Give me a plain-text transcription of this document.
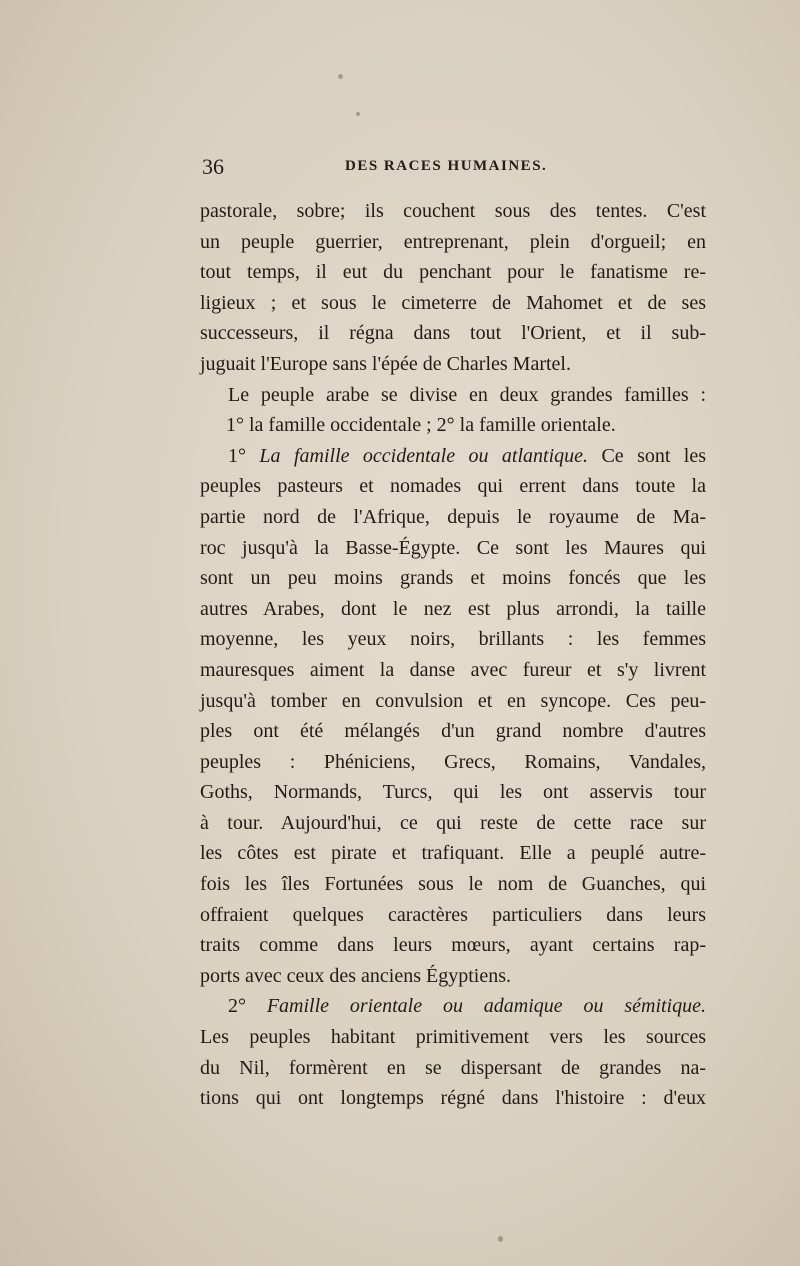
36	DES RACES HUMAINES.
pastorale, sobre; ils couchent sous des tentes. C'est
un peuple guerrier, entreprenant, plein d'orgueil; en
tout temps, il eut du penchant pour le fanatisme re-
ligieux ; et sous le cimeterre de Mahomet et de ses
successeurs, il régna dans tout l'Orient, et il sub-
juguait l'Europe sans l'épée de Charles Martel.
Le peuple arabe se divise en deux grandes familles :
1° la famille occidentale ; 2° la famille orientale.
1° La famille occidentale ou atlantique. Ce sont les
peuples pasteurs et nomades qui errent dans toute la
partie nord de l'Afrique, depuis le royaume de Ma-
roc jusqu'à la Basse-Égypte. Ce sont les Maures qui
sont un peu moins grands et moins foncés que les
autres Arabes, dont le nez est plus arrondi, la taille
moyenne, les yeux noirs, brillants : les femmes
mauresques aiment la danse avec fureur et s'y livrent
jusqu'à tomber en convulsion et en syncope. Ces peu-
ples ont été mélangés d'un grand nombre d'autres
peuples : Phéniciens, Grecs, Romains, Vandales,
Goths, Normands, Turcs, qui les ont asservis tour
à tour. Aujourd'hui, ce qui reste de cette race sur
les côtes est pirate et trafiquant. Elle a peuplé autre-
fois les îles Fortunées sous le nom de Guanches, qui
offraient quelques caractères particuliers dans leurs
traits comme dans leurs mœurs, ayant certains rap-
ports avec ceux des anciens Égyptiens.
2° Famille orientale ou adamique ou sémitique.
Les peuples habitant primitivement vers les sources
du Nil, formèrent en se dispersant de grandes na-
tions qui ont longtemps régné dans l'histoire : d'eux
